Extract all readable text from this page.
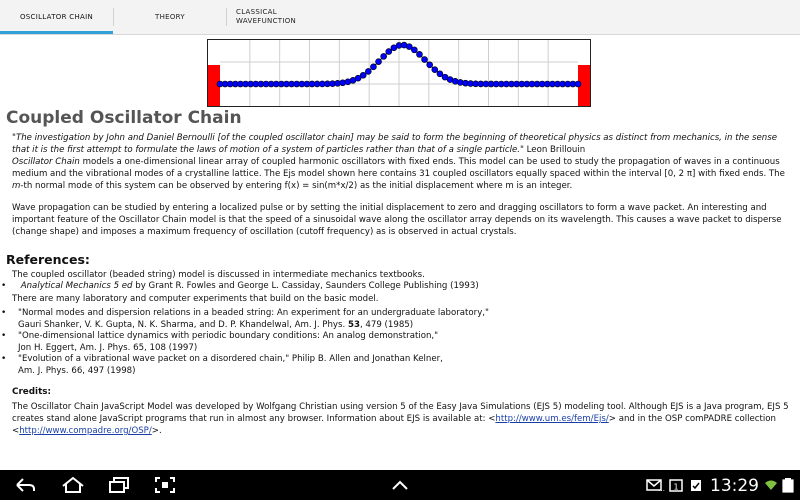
OSCILLATOR CHAIN	THEORY
CLASSICAL
WAVEFUNCTION
Coupled Oscillator Chain
"The investigation by John and Daniel Bernoulli [of the coupled oscillator chain] may be said to form the beginning of theoretical physics as distinct from mechanics, in the sense that it is the first attempt to formulate the laws of motion of a system of particles rather than that of a single particle." Leon Brillouin
Oscillator Chain models a one-dimensional linear array of coupled harmonic oscillators with fixed ends. This model can be used to study the propagation of waves in a continuous medium and the vibrational modes of a crystalline lattice. The Ejs model shown here contains 31 coupled oscillators equally spaced within the interval [0, 2 π] with fixed ends. The m-th normal mode of this system can be observed by entering f(x) = sin(m*x/2) as the initial displacement where m is an integer.
Wave propagation can be studied by entering a localized pulse or by setting the initial displacement to zero and dragging oscillators to form a wave packet. An interesting and important feature of the Oscillator Chain model is that the speed of a sinusoidal wave along the oscillator array depends on its wavelength. This causes a wave packet to disperse (change shape) and imposes a maximum frequency of oscillation (cutoff frequency) as is observed in actual crystals.
References:
The coupled oscillator (beaded string) model is discussed in intermediate mechanics textbooks.
• Analytical Mechanics 5 ed by Grant R. Fowles and George L. Cassiday, Saunders College Publishing (1993)
There are many laboratory and computer experiments that build on the basic model.
• "Normal modes and dispersion relations in a beaded string: An experiment for an undergraduate laboratory,"
Gauri Shanker, V. K. Gupta, N. K. Sharma, and D. P. Khandelwal, Am. J. Phys. 53, 479 (1985)
• "One-dimensional lattice dynamics with periodic boundary conditions: An analog demonstration,"
Jon H. Eggert, Am. J. Phys. 65, 108 (1997)
• "Evolution of a vibrational wave packet on a disordered chain," Philip B. Allen and Jonathan Kelner,
Am. J. Phys. 66, 497 (1998)
Credits:
The Oscillator Chain JavaScript Model was developed by Wolfgang Christian using version 5 of the Easy Java Simulations (EJS 5) modeling tool. Although EJS is a Java program, EJS 5 creates stand alone JavaScript programs that run in almost any browser. Information about EJS is available at: <http://www.um.es/fem/Ejs/> and in the OSP comPADRE collection <http://www.compadre.org/OSP/>.
… 1 13:29
